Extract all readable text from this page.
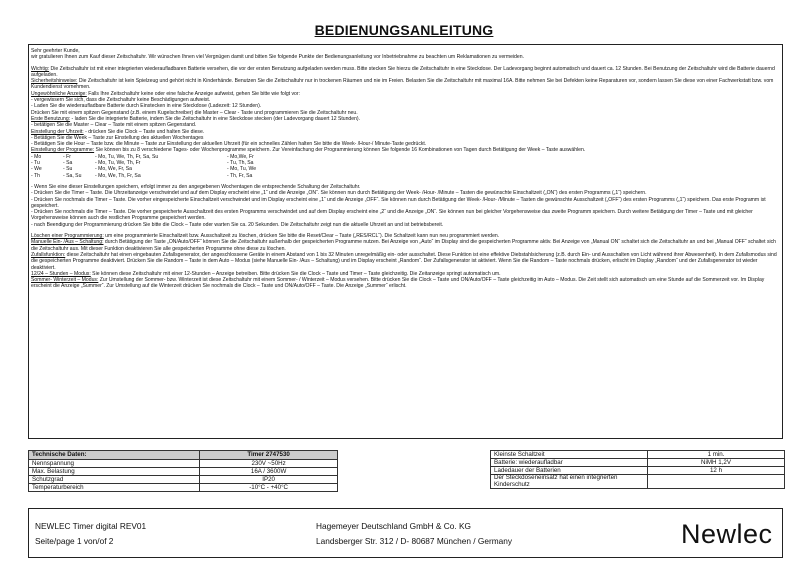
BEDIENUNGSANLEITUNG

Sehr geehrter Kunde,

wir gratulieren Ihnen zum Kauf dieser Zeitschaltuhr. Wir wünschen Ihnen viel Vergnügen damit und bitten Sie folgende Punkte der Bedienungsanleitung vor Inbetriebnahme zu beachten um Reklamationen zu vermeiden.

Wichtig: Die Zeitschaltuhr ist mit einer integrierten wiederaufladbaren Batterie versehen, die vor der ersten Benutzung aufgeladen werden muss. Bitte stecken Sie hierzu die Zeitschaltuhr in eine Steckdose. Der Ladevorgang beginnt automatisch und dauert ca. 12 Stunden. Bei Benutzung der Zeitschaltuhr wird die Batterie dauernd aufgeladen.

Sicherheitshinweise: Die Zeitschaltuhr ist kein Spielzeug und gehört nicht in Kinderhände. Benutzen Sie die Zeitschaltuhr nur in trockenen Räumen und nie im Freien. Belasten Sie die Zeitschaltuhr mit maximal 16A. Bitte nehmen Sie bei Defekten keine Reparaturen vor, sondern lassen Sie diese von einer Fachwerkstatt bzw. vom Kundendienst vornehmen.

Ungewöhnliche Anzeige: Falls Ihre Zeitschaltuhr keine oder eine falsche Anzeige aufweist, gehen Sie bitte wie folgt vor:

- vergewissern Sie sich, dass die Zeitschaltuhr keine Beschädigungen aufweist.

- Laden Sie die wiederaufladbare Batterie durch Einstecken in eine Steckdose (Ladezeit: 12 Stunden).

Drücken Sie mit einem spitzen Gegenstand (z.B. einem Kugelschreiber) die Master – Clear - Taste und programmieren Sie die Zeitschaltuhr neu.

Erste Benutzung: - laden Sie die integrierte Batterie, indem Sie die Zeitschaltuhr in eine Steckdose stecken (der Ladevorgang dauert 12 Stunden).

- betätigen Sie die Master – Clear – Taste mit einem spitzen Gegenstand.

Einstellung der Uhrzeit: - drücken Sie die Clock – Taste und halten Sie diese.

- Betätigen Sie die Week – Taste zur Einstellung des aktuellen Wochentages

- Betätigen Sie die Hour – Taste bzw. die Minute – Taste zur Einstellung der aktuellen Uhrzeit (für ein schnelles Zählen halten Sie bitte die Week- /Hour-/ Minute-Taste gedrückt.

Einstellung der Programme: Sie können bis zu 8 verschiedene Tages- oder Wochenprogramme speichern. Zur Vereinfachung der Programmierung können Sie folgende 16 Kombinationen von Tagen durch Betätigung der Week – Taste auswählen.

- Mo	- Fr	- Mo, Tu, We, Th, Fr, Sa, Su	- Mo,We, Fr
- Tu	- Sa	- Mo, Tu, We, Th, Fr	- Tu, Th, Sa
- We	- Su	- Mo, We, Fr, Sa	- Mo, Tu, We
- Th	- Sa, Su	- Mo, We, Th, Fr, Sa	- Th, Fr, Sa

- Wenn Sie eine dieser Einstellungen speichern, erfolgt immer zu den angegebenen Wochentagen die entsprechende Schaltung der Zeitschaltuhr.

- Drücken Sie die Timer – Taste. Die Uhrzeitanzeige verschwindet und auf dem Display erscheint eine „1“ und die Anzeige „ON“. Sie können nun durch Betätigung der Week- /Hour- /Minute – Tasten die gewünschte Einschaltzeit („ON“) des ersten Programms („1“) speichern.

- Drücken Sie nochmals die Timer – Taste. Die vorher eingespeicherte Einschaltzeit verschwindet und im Display erscheint eine „1“ und die Anzeige „OFF“. Sie können nun durch Betätigung der Week- /Hour- /Minute – Tasten die gewünschte Ausschaltzeit („OFF“) des ersten Programms („1“) speichern. Das erste Programm ist gespeichert.

- Drücken Sie nochmals die Timer – Taste. Die vorher gespeicherte Ausschaltzeit des ersten Programms verschwindet und auf dem Display erscheint eine „2“ und die Anzeige „ON“. Sie können nun bei gleicher Vorgehensweise das zweite Programm speichern. Durch weitere Betätigung der Timer – Taste und mit gleicher Vorgehensweise können auch die restlichen Programme gespeichert werden.

- nach Beendigung der Programmierung drücken Sie bitte die Clock – Taste oder warten Sie ca. 20 Sekunden. Die Zeitschaltuhr zeigt nun die aktuelle Uhrzeit an und ist betriebsbereit.

Löschen einer Programmierung: um eine programmierte Einschaltzeit bzw. Ausschaltzeit zu löschen, drücken Sie bitte die Reset/Clear – Taste („RES/RCL“). Die Schaltzeit kann nun neu programmiert werden.

Manuelle Ein- /Aus – Schaltung: durch Betätigung der Taste „ON/Auto/OFF“ können Sie die Zeitschaltuhr außerhalb der gespeicherten Programme nutzen. Bei Anzeige von „Auto“ im Display sind die gespeicherten Programme aktiv. Bei Anzeige von „Manual ON“ schaltet sich die Zeitschaltuhr an und bei „Manual OFF“ schaltet sich die Zeitschaltuhr aus. Mit dieser Funktion deaktivieren Sie alle gespeicherten Programme ohne diese zu löschen.

Zufallsfunktion: diese Zeitschaltuhr hat einen eingebauten Zufallsgenerator, der angeschlossene Geräte in einem Abstand von 1 bis 32 Minuten unregelmäßig ein- oder ausschaltet. Diese Funktion ist eine effektive Diebstahlsicherung (z.B. durch Ein- und Ausschalten von Licht während ihrer Abwesenheit). In dem Zufallsmodus sind die gespeicherten Programme deaktiviert. Drücken Sie die Random – Taste in dem Auto – Modus (siehe Manuelle Ein- /Aus – Schaltung) und im Display erscheint „Random“. Der Zufallsgenerator ist aktiviert. Wenn Sie die Random – Taste nochmals drücken, erlischt im Display „Random“ und der Zufallsgenerator ist wieder deaktiviert.

12/24 – Stunden – Modus: Sie können diese Zeitschaltuhr mit einer 12-Stunden – Anzeige betreiben. Bitte drücken Sie die Clock – Taste und Timer – Taste gleichzeitig. Die Zeitanzeige springt automatisch um.

Sommer- Winterzeit – Modus: Zur Umstellung der Sommer- bzw. Winterzeit ist diese Zeitschaltuhr mit einem Sommer- / Winterzeit – Modus versehen. Bitte drücken Sie die Clock – Taste und ON/Auto/OFF – Taste gleichzeitig im Auto – Modus. Die Zeit stellt sich automatisch um eine Stunde auf die Sommerzeit vor. Im Display erscheint die Anzeige „Summer“. Zur Umstellung auf die Winterzeit drücken Sie nochmals die Clock – Taste und ON/Auto/OFF – Taste. Die Anzeige „Summer“ erlischt.

Technische Daten:	Timer 2747530
Nennspannung	230V ~50Hz
Max. Belastung	16A / 3600W
Schutzgrad	IP20
Temperaturbereich	-10°C - +40°C
Kleinste Schaltzeit	1 min.
Batterie: wiederaufladbar	NiMH 1,2V
Ladedauer der Batterien	12 h
Der Steckdoseneinsatz hat einen integrierten Kinderschutz	
NEWLEC Timer digital REV01
Seite/page 1 von/of 2
Hagemeyer Deutschland GmbH & Co. KG
Landsberger Str. 312 / D- 80687 München / Germany	Newlec
